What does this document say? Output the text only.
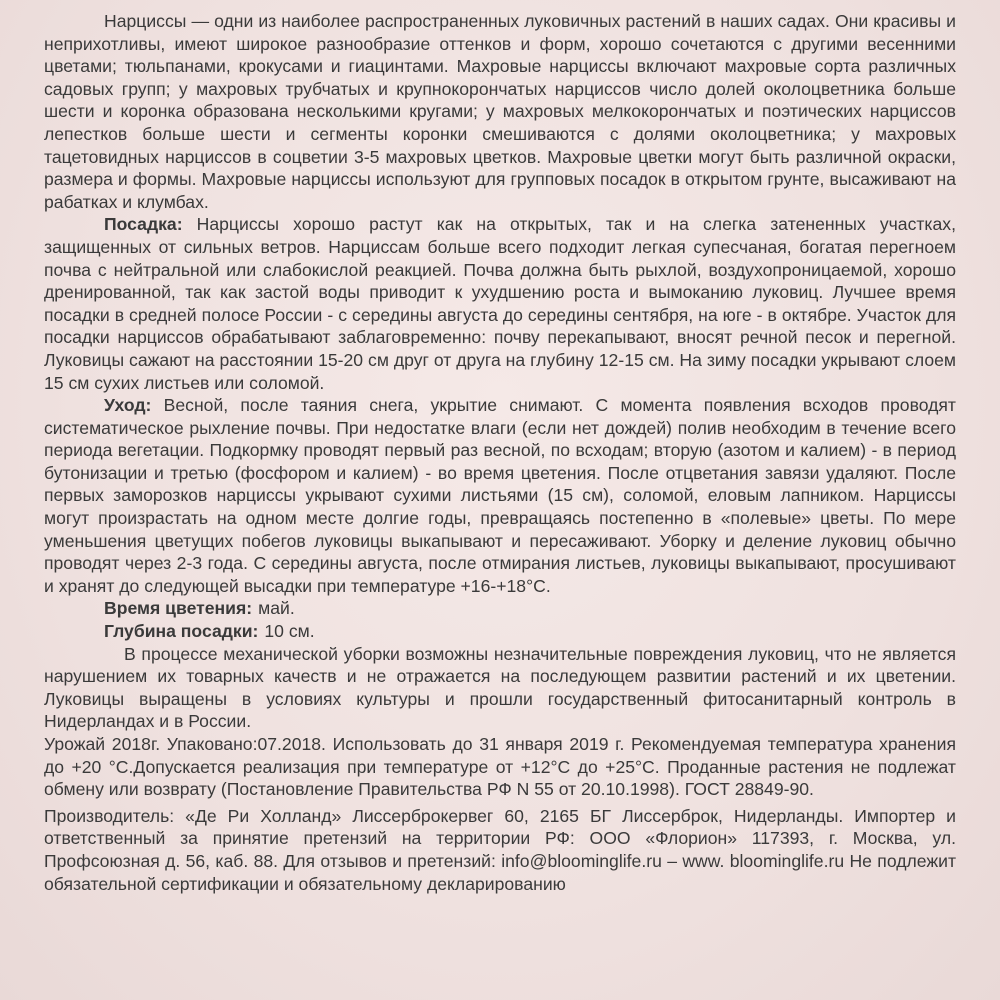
Нарциссы — одни из наиболее распространенных луковичных растений в наших садах. Они красивы и неприхотливы, имеют широкое разнообразие оттенков и форм, хорошо сочетаются с другими весенними цветами; тюльпанами, крокусами и гиацинтами. Махровые нарциссы включают махровые сорта различных садовых групп; у махровых трубчатых и крупнокорончатых нарциссов число долей околоцветника больше шести и коронка образована несколькими кругами; у махровых мелкокорончатых и поэтических нарциссов лепестков больше шести и сегменты коронки смешиваются с долями околоцветника; у махровых тацетовидных нарциссов в соцветии 3-5 махровых цветков. Махровые цветки могут быть различной окраски, размера и формы. Махровые нарциссы используют для групповых посадок в открытом грунте, высаживают на рабатках и клумбах.

Посадка: Нарциссы хорошо растут как на открытых, так и на слегка затененных участках, защищенных от сильных ветров. Нарциссам больше всего подходит легкая супесчаная, богатая перегноем почва с нейтральной или слабокислой реакцией. Почва должна быть рыхлой, воздухопроницаемой, хорошо дренированной, так как застой воды приводит к ухудшению роста и вымоканию луковиц. Лучшее время посадки в средней полосе России - с середины августа до середины сентября, на юге - в октябре. Участок для посадки нарциссов обрабатывают заблаговременно: почву перекапывают, вносят речной песок и перегной. Луковицы сажают на расстоянии 15-20 см друг от друга на глубину 12-15 см. На зиму посадки укрывают слоем 15 см сухих листьев или соломой.

Уход: Весной, после таяния снега, укрытие снимают. С момента появления всходов проводят систематическое рыхление почвы. При недостатке влаги (если нет дождей) полив необходим в течение всего периода вегетации. Подкормку проводят первый раз весной, по всходам; вторую (азотом и калием) - в период бутонизации и третью (фосфором и калием) - во время цветения. После отцветания завязи удаляют. После первых заморозков нарциссы укрывают сухими листьями (15 см), соломой, еловым лапником. Нарциссы могут произрастать на одном месте долгие годы, превращаясь постепенно в «полевые» цветы. По мере уменьшения цветущих побегов луковицы выкапывают и пересаживают. Уборку и деление луковиц обычно проводят через 2-3 года. С середины августа, после отмирания листьев, луковицы выкапывают, просушивают и хранят до следующей высадки при температуре +16-+18°С.

Время цветения: май.

Глубина посадки: 10 см.

В процессе механической уборки возможны незначительные повреждения луковиц, что не является нарушением их товарных качеств и не отражается на последующем развитии растений и их цветении. Луковицы выращены в условиях культуры и прошли государственный фитосанитарный контроль в Нидерландах и в России.

Урожай 2018г. Упаковано:07.2018. Использовать до 31 января 2019 г. Рекомендуемая температура хранения до +20 °С.Допускается реализация при температуре от +12°С до +25°С. Проданные растения не подлежат обмену или возврату (Постановление Правительства РФ N 55 от 20.10.1998). ГОСТ 28849-90.

Производитель: «Де Ри Холланд» Лиссерброкервег 60, 2165 БГ Лиссерброк, Нидерланды. Импортер и ответственный за принятие претензий на территории РФ: ООО «Флорион» 117393, г. Москва, ул. Профсоюзная д. 56, каб. 88. Для отзывов и претензий: info@bloominglife.ru – www. bloominglife.ru Не подлежит обязательной сертификации и обязательному декларированию
